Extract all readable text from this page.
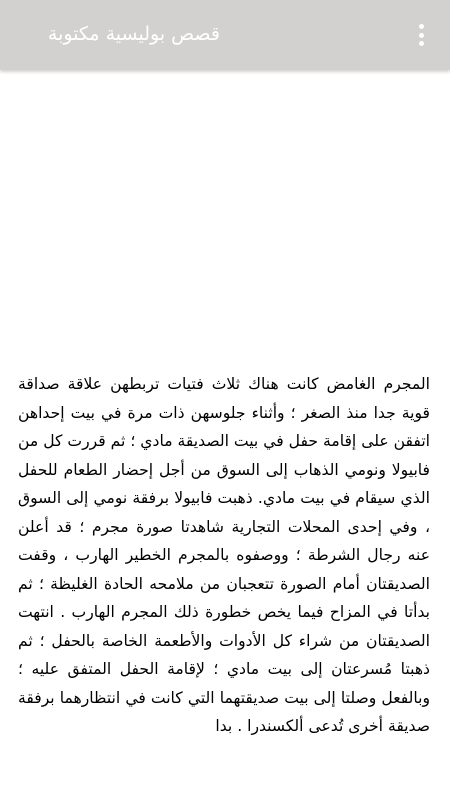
قصص بوليسية مكتوبة

المجرم الغامض كانت هناك ثلاث فتيات تربطهن علاقة صداقة قوية جدا منذ الصغر ؛ وأثناء جلوسهن ذات مرة في بيت إحداهن اتفقن على إقامة حفل في بيت الصديقة مادي ؛ ثم قررت كل من فابيولا ونومي الذهاب إلى السوق من أجل إحضار الطعام للحفل الذي سيقام في بيت مادي. ذهبت فابيولا برفقة نومي إلى السوق ، وفي إحدى المحلات التجارية شاهدتا صورة مجرم ؛ قد أعلن عنه رجال الشرطة ؛ ووصفوه بالمجرم الخطير الهارب ، وقفت الصديقتان أمام الصورة تتعجبان من ملامحه الحادة الغليظة ؛ ثم بدأتا في المزاح فيما يخص خطورة ذلك المجرم الهارب . انتهت الصديقتان من شراء كل الأدوات والأطعمة الخاصة بالحفل ؛ ثم ذهبتا مُسرعتان إلى بيت مادي ؛ لإقامة الحفل المتفق عليه ؛ وبالفعل وصلتا إلى بيت صديقتهما التي كانت في انتظارهما برفقة صديقة أخرى تُدعى ألكسندرا . بدا
